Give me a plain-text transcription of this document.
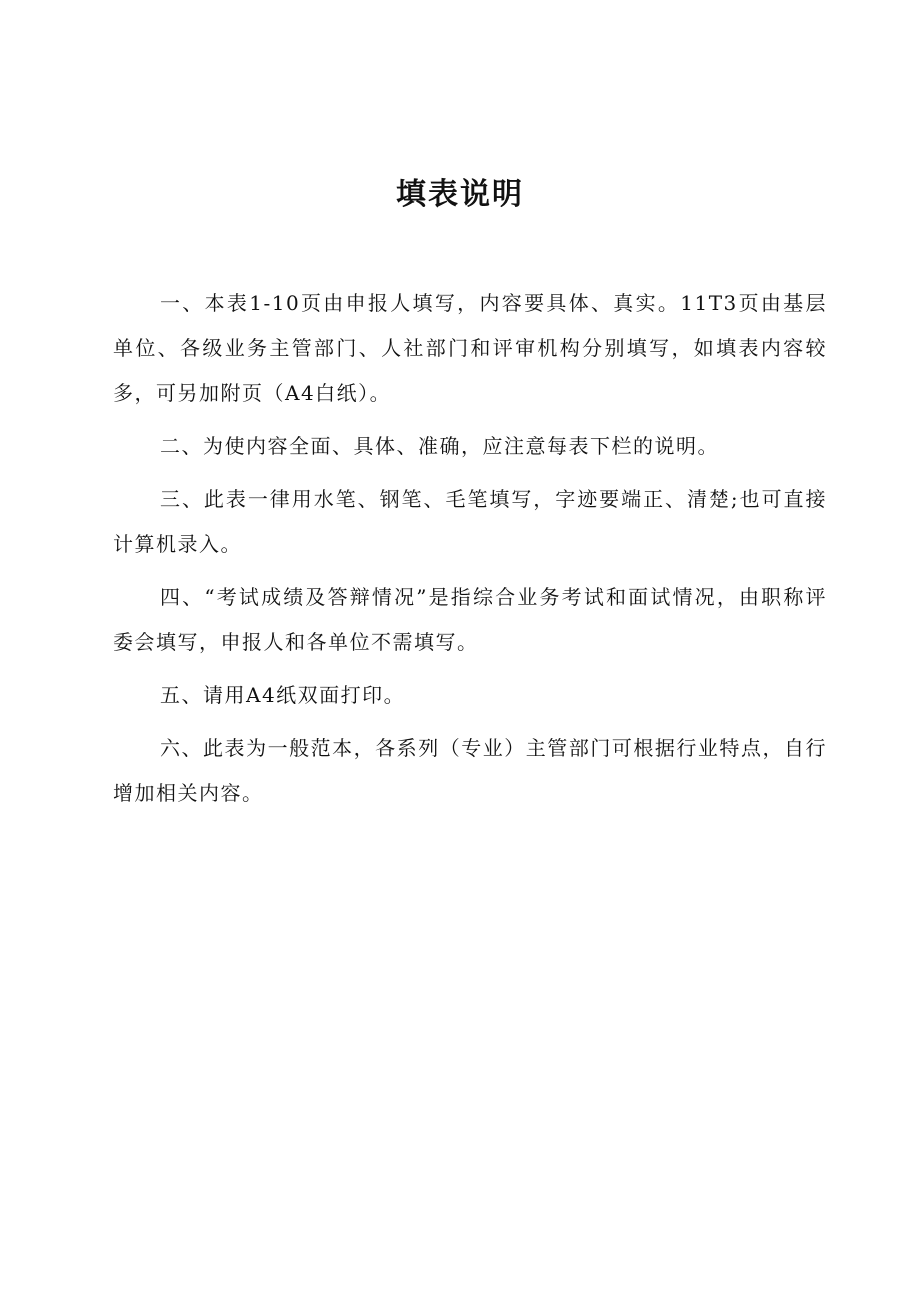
填表说明

一、本表1-10页由申报人填写，内容要具体、真实。11T3页由基层单位、各级业务主管部门、人社部门和评审机构分别填写，如填表内容较多，可另加附页（A4白纸）。

二、为使内容全面、具体、准确，应注意每表下栏的说明。

三、此表一律用水笔、钢笔、毛笔填写，字迹要端正、清楚;也可直接计算机录入。

四、“考试成绩及答辩情况”是指综合业务考试和面试情况，由职称评委会填写，申报人和各单位不需填写。

五、请用A4纸双面打印。

六、此表为一般范本，各系列（专业）主管部门可根据行业特点，自行增加相关内容。
